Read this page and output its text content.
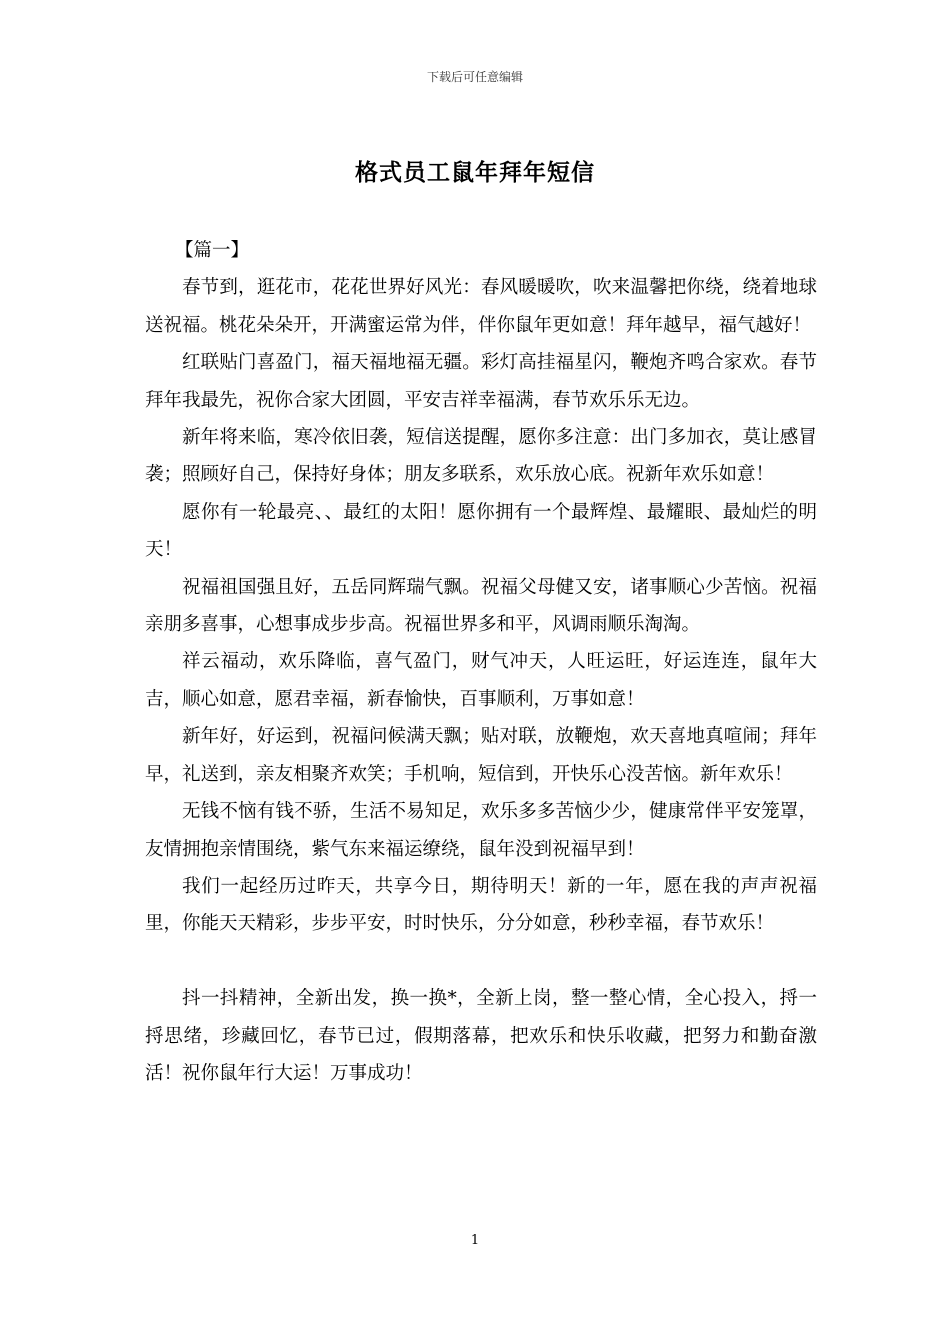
下载后可任意编辑
格式员工鼠年拜年短信
【篇一】

春节到，逛花市，花花世界好风光：春风暖暖吹，吹来温馨把你绕，绕着地球送祝福。桃花朵朵开，开满蜜运常为伴，伴你鼠年更如意！拜年越早，福气越好！

红联贴门喜盈门，福天福地福无疆。彩灯高挂福星闪，鞭炮齐鸣合家欢。春节拜年我最先，祝你合家大团圆，平安吉祥幸福满，春节欢乐乐无边。

新年将来临，寒冷依旧袭，短信送提醒，愿你多注意：出门多加衣，莫让感冒袭；照顾好自己，保持好身体；朋友多联系，欢乐放心底。祝新年欢乐如意！

愿你有一轮最亮、、最红的太阳！愿你拥有一个最辉煌、最耀眼、最灿烂的明天！

祝福祖国强且好，五岳同辉瑞气飘。祝福父母健又安，诸事顺心少苦恼。祝福亲朋多喜事，心想事成步步高。祝福世界多和平，风调雨顺乐淘淘。

祥云福动，欢乐降临，喜气盈门，财气冲天，人旺运旺，好运连连，鼠年大吉，顺心如意，愿君幸福，新春愉快，百事顺利，万事如意！

新年好，好运到，祝福问候满天飘；贴对联，放鞭炮，欢天喜地真喧闹；拜年早，礼送到，亲友相聚齐欢笑；手机响，短信到，开快乐心没苦恼。新年欢乐！

无钱不恼有钱不骄，生活不易知足，欢乐多多苦恼少少，健康常伴平安笼罩，友情拥抱亲情围绕，紫气东来福运缭绕，鼠年没到祝福早到！

我们一起经历过昨天，共享今日，期待明天！新的一年，愿在我的声声祝福里，你能天天精彩，步步平安，时时快乐，分分如意，秒秒幸福，春节欢乐！

抖一抖精神，全新出发，换一换*，全新上岗，整一整心情，全心投入，捋一捋思绪，珍藏回忆，春节已过，假期落幕，把欢乐和快乐收藏，把努力和勤奋激活！祝你鼠年行大运！万事成功！

1
